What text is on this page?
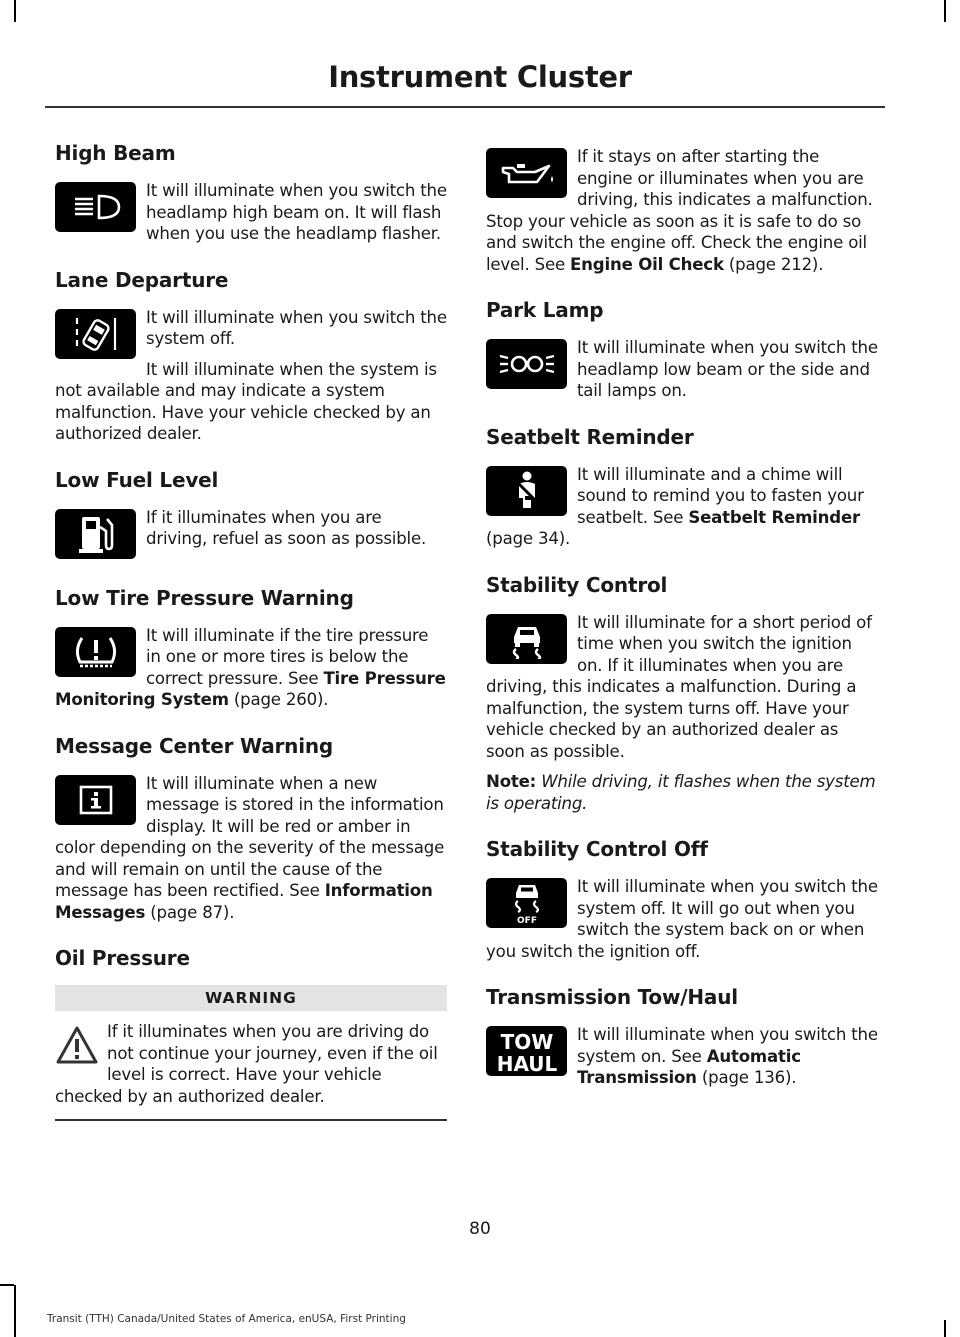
Instrument Cluster
High Beam

It will illuminate when you switch the headlamp high beam on. It will flash when you use the headlamp flasher.

Lane Departure

It will illuminate when you switch the system off.

It will illuminate when the system is not available and may indicate a system malfunction. Have your vehicle checked by an authorized dealer.

Low Fuel Level

If it illuminates when you are driving, refuel as soon as possible.

Low Tire Pressure Warning

It will illuminate if the tire pressure in one or more tires is below the correct pressure. See Tire Pressure Monitoring System (page 260).

Message Center Warning

It will illuminate when a new message is stored in the information display. It will be red or amber in color depending on the severity of the message and will remain on until the cause of the message has been rectified. See Information Messages (page 87).

Oil Pressure
WARNING

If it illuminates when you are driving do not continue your journey, even if the oil level is correct. Have your vehicle checked by an authorized dealer.

If it stays on after starting the engine or illuminates when you are driving, this indicates a malfunction. Stop your vehicle as soon as it is safe to do so and switch the engine off. Check the engine oil level. See Engine Oil Check (page 212).

Park Lamp

It will illuminate when you switch the headlamp low beam or the side and tail lamps on.

Seatbelt Reminder

It will illuminate and a chime will sound to remind you to fasten your seatbelt. See Seatbelt Reminder (page 34).

Stability Control

It will illuminate for a short period of time when you switch the ignition on. If it illuminates when you are driving, this indicates a malfunction. During a malfunction, the system turns off. Have your vehicle checked by an authorized dealer as soon as possible.

Note: While driving, it flashes when the system is operating.

Stability Control Off
OFF

It will illuminate when you switch the system off. It will go out when you switch the system back on or when you switch the ignition off.

Transmission Tow/Haul
TOW
HAUL

It will illuminate when you switch the system on. See Automatic Transmission (page 136).

80
Transit (TTH) Canada/United States of America, enUSA, First Printing
